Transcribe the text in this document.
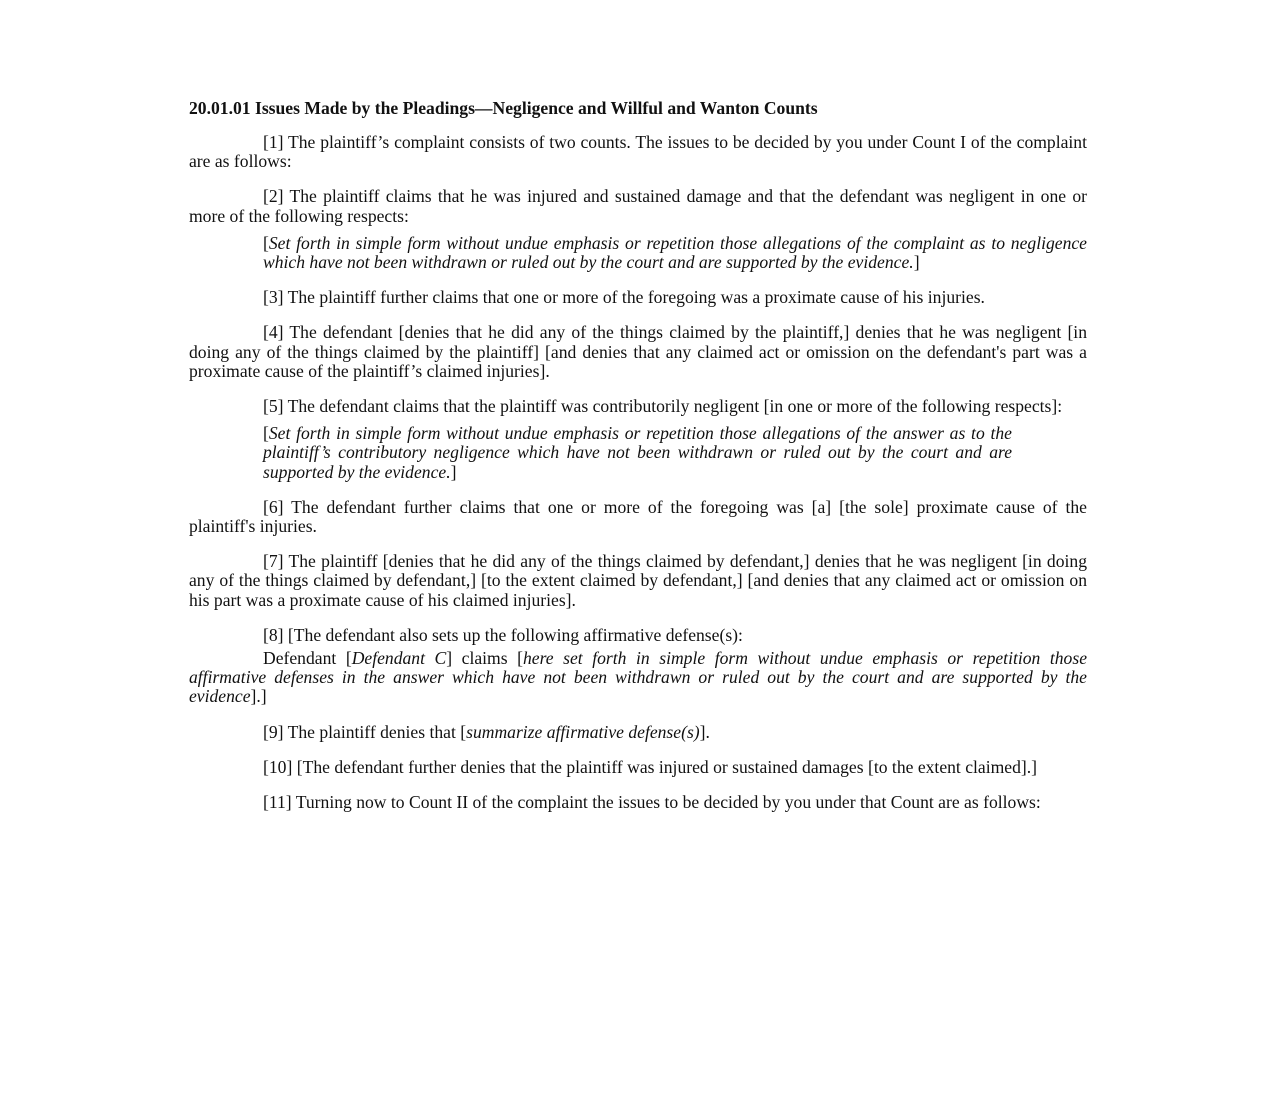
20.01.01 Issues Made by the Pleadings—Negligence and Willful and Wanton Counts

[1] The plaintiff’s complaint consists of two counts. The issues to be decided by you under Count I of the complaint are as follows:

[2] The plaintiff claims that he was injured and sustained damage and that the defendant was negligent in one or more of the following respects:

[Set forth in simple form without undue emphasis or repetition those allegations of the complaint as to negligence which have not been withdrawn or ruled out by the court and are supported by the evidence.]

[3] The plaintiff further claims that one or more of the foregoing was a proximate cause of his injuries.

[4] The defendant [denies that he did any of the things claimed by the plaintiff,] denies that he was negligent [in doing any of the things claimed by the plaintiff] [and denies that any claimed act or omission on the defendant's part was a proximate cause of the plaintiff’s claimed injuries].

[5] The defendant claims that the plaintiff was contributorily negligent [in one or more of the following respects]:

[Set forth in simple form without undue emphasis or repetition those allegations of the answer as to the plaintiff’s contributory negligence which have not been withdrawn or ruled out by the court and are supported by the evidence.]

[6] The defendant further claims that one or more of the foregoing was [a] [the sole] proximate cause of the plaintiff's injuries.

[7] The plaintiff [denies that he did any of the things claimed by defendant,] denies that he was negligent [in doing any of the things claimed by defendant,] [to the extent claimed by defendant,] [and denies that any claimed act or omission on his part was a proximate cause of his claimed injuries].

[8] [The defendant also sets up the following affirmative defense(s):

Defendant [Defendant C] claims [here set forth in simple form without undue emphasis or repetition those affirmative defenses in the answer which have not been withdrawn or ruled out by the court and are supported by the evidence].]

[9] The plaintiff denies that [summarize affirmative defense(s)].

[10] [The defendant further denies that the plaintiff was injured or sustained damages [to the extent claimed].]

[11] Turning now to Count II of the complaint the issues to be decided by you under that Count are as follows:
